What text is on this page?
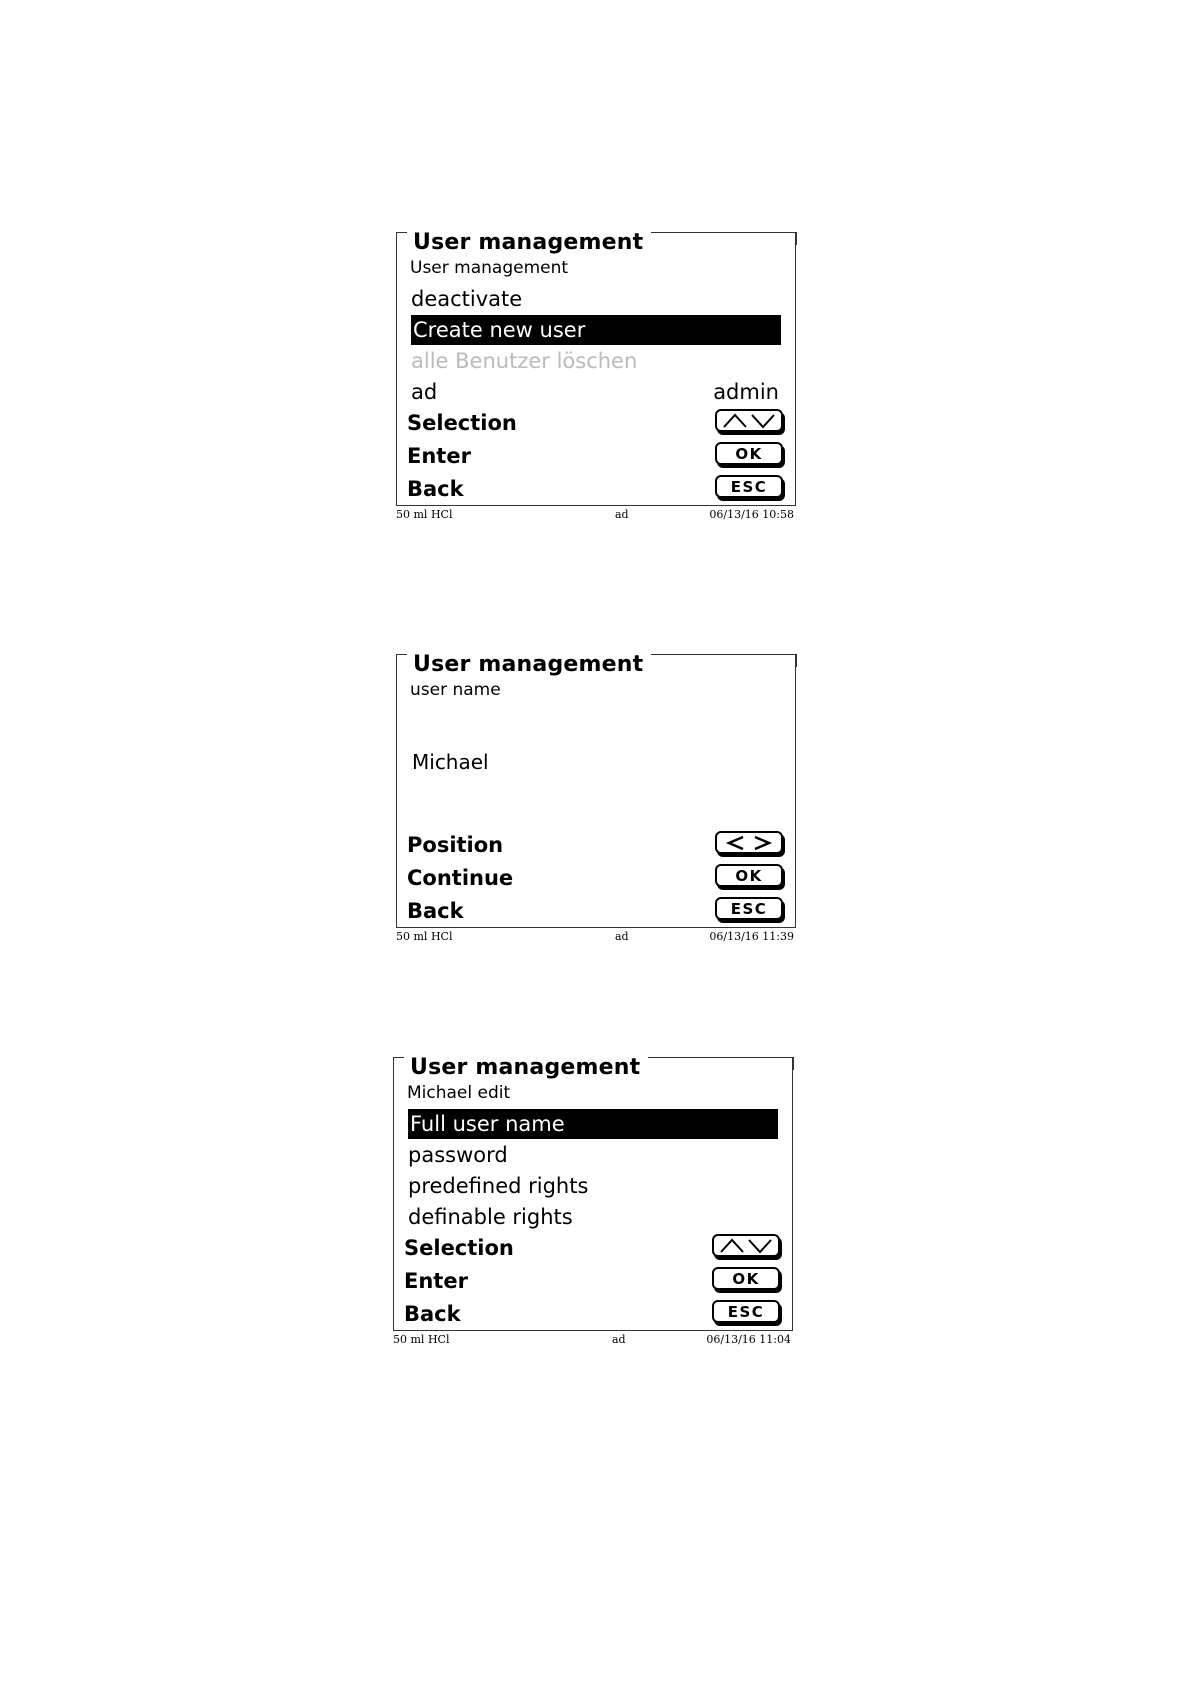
User management
User management
deactivate
Create new user
alle Benutzer löschen
ad	admin
Selection
Enter	OK
Back	ESC
50 ml HCl	ad	06/13/16 10:58
User management
user name
Michael
Position
Continue	OK
Back	ESC
50 ml HCl	ad	06/13/16 11:39
User management
Michael edit
Full user name
password
predefined rights
definable rights
Selection
Enter	OK
Back	ESC
50 ml HCl	ad	06/13/16 11:04
